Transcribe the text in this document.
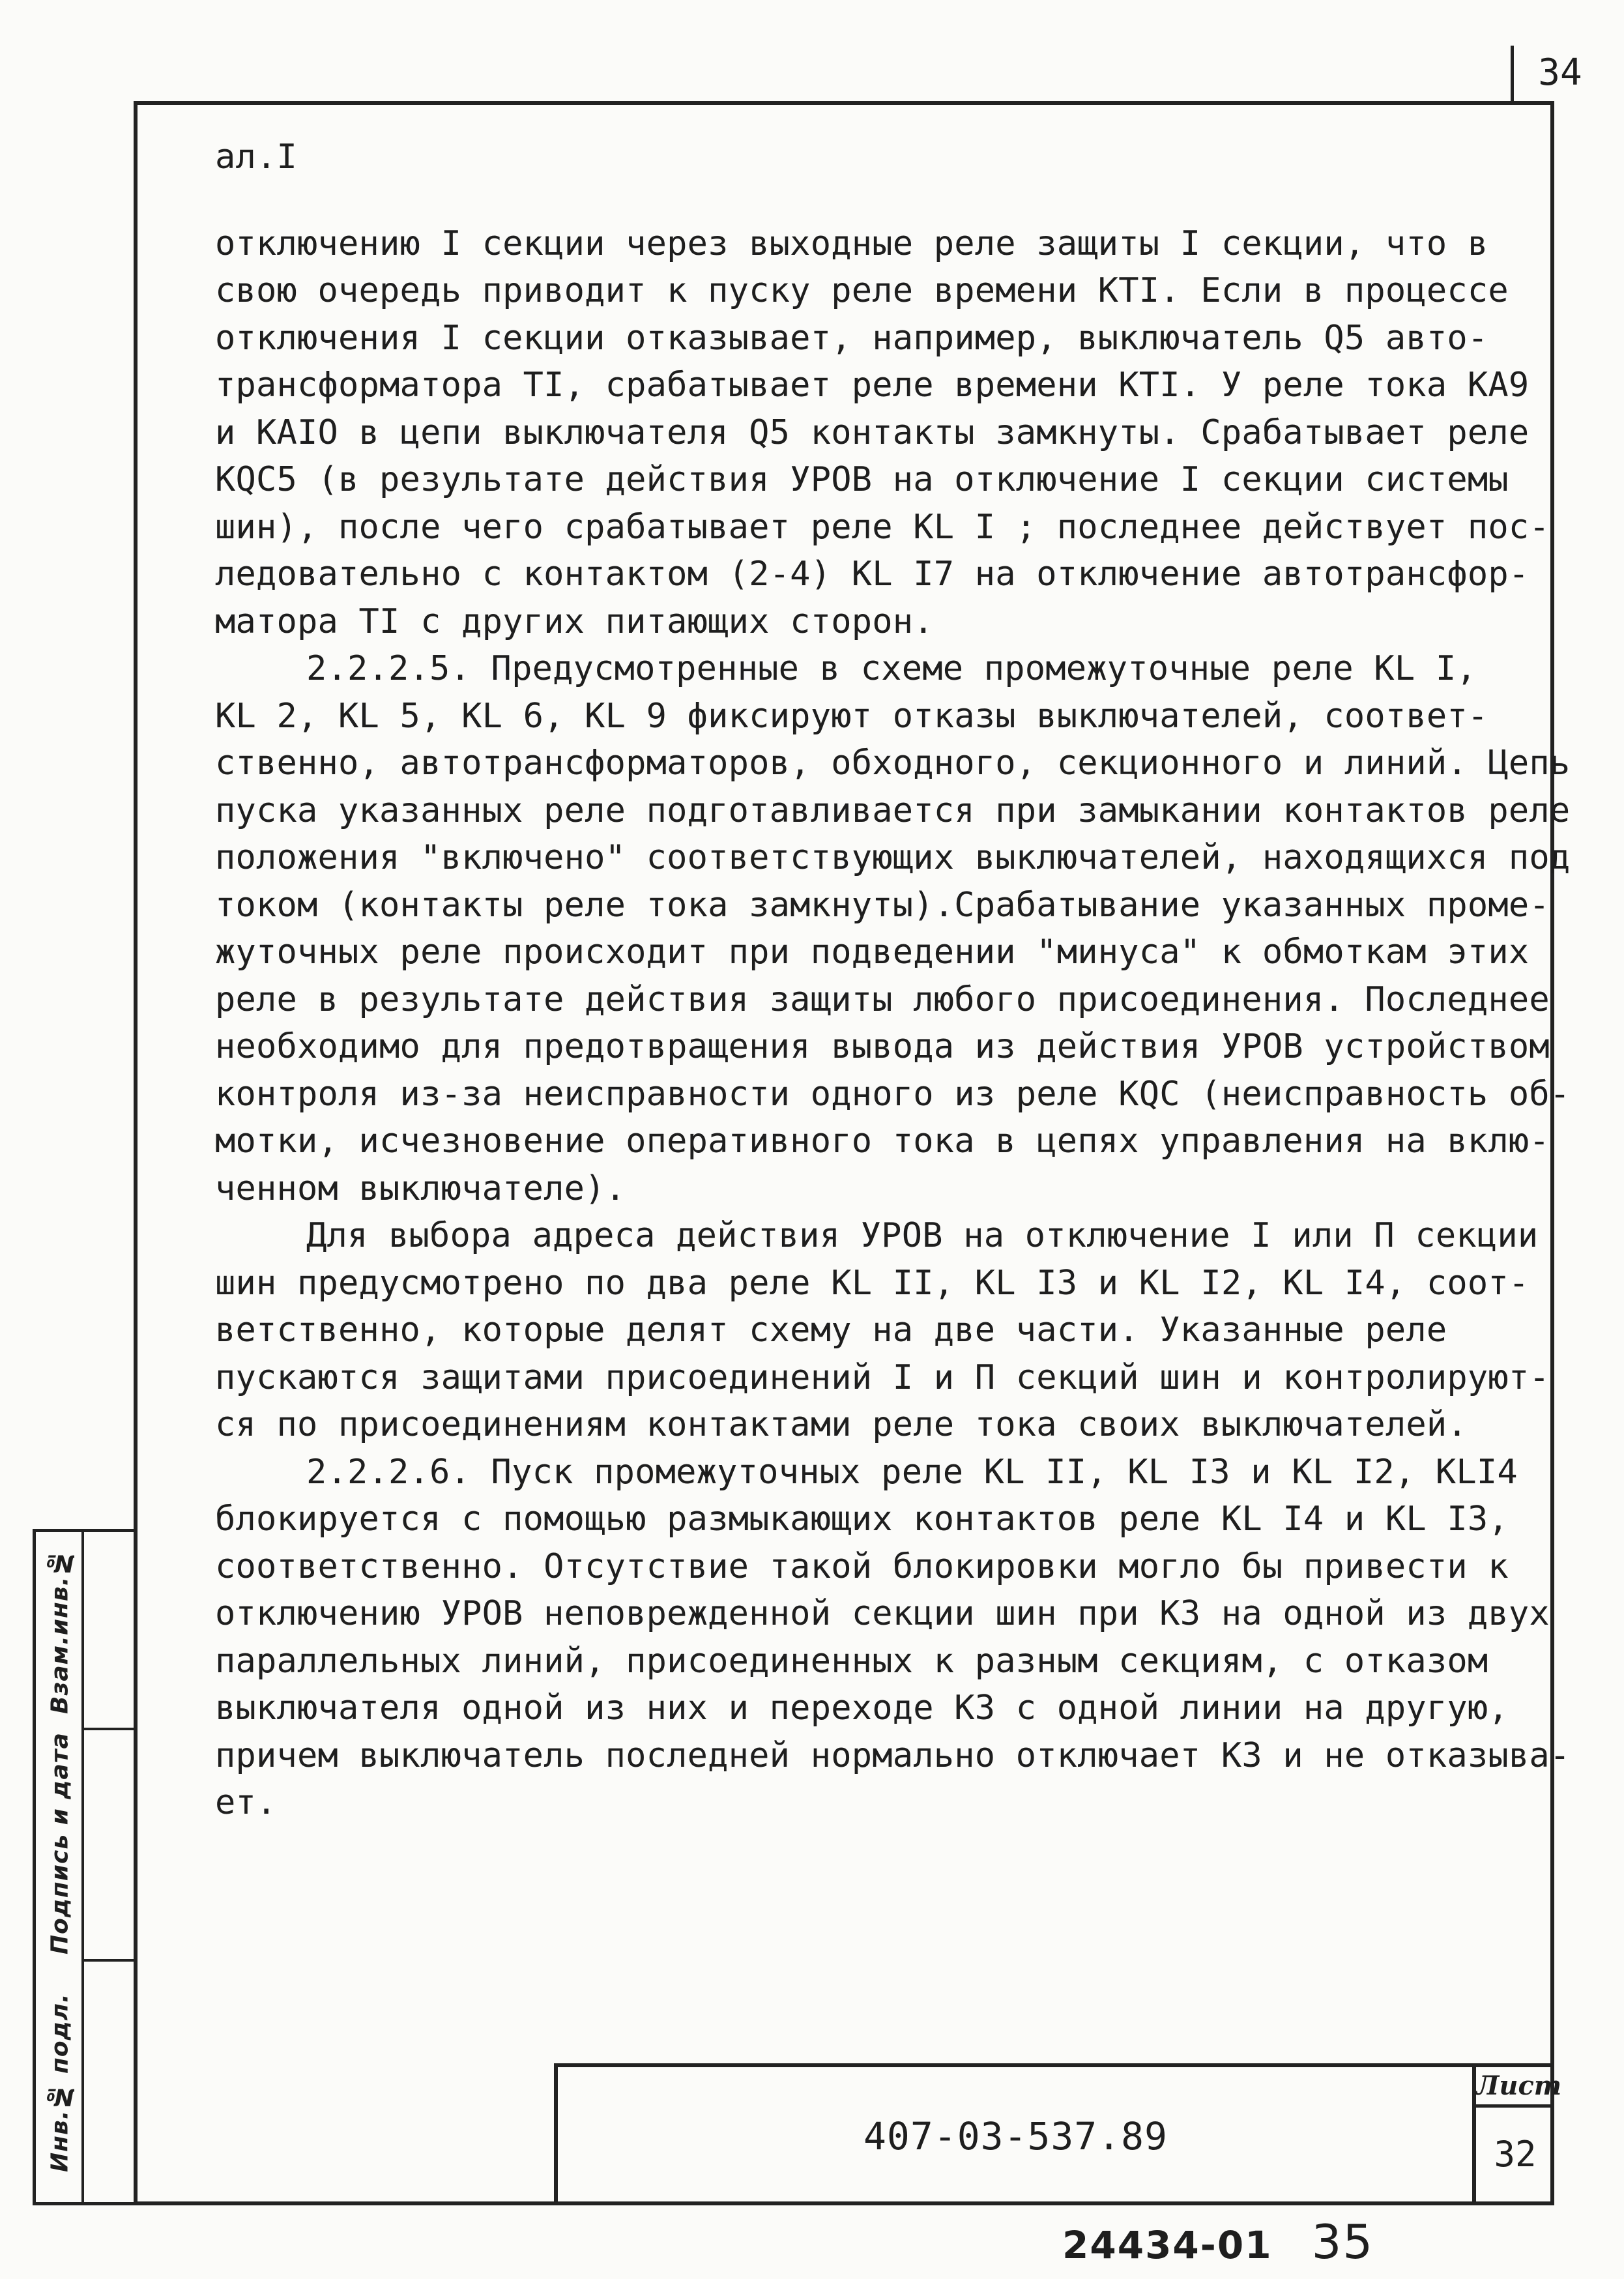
34
ал.I
отключению I секции через выходные реле защиты I секции, что в
свою очередь приводит к пуску реле времени КТI. Если в процессе
отключения I секции отказывает, например, выключатель Q5 авто-
трансформатора ТI, срабатывает реле времени КТI. У реле тока КА9
и КАIО в цепи выключателя Q5 контакты замкнуты. Срабатывает реле
KQC5 (в результате действия УРОВ на отключение I секции системы
шин), после чего срабатывает реле KL I ; последнее действует пос-
ледовательно с контактом (2-4) KL I7 на отключение автотрансфор-
матора ТI с других питающих сторон.
2.2.2.5. Предусмотренные в схеме промежуточные реле KL I,
KL 2, KL 5, KL 6, KL 9 фиксируют отказы выключателей, соответ-
ственно, автотрансформаторов, обходного, секционного и линий. Цепь
пуска указанных реле подготавливается при замыкании контактов реле
положения "включено" соответствующих выключателей, находящихся под
током (контакты реле тока замкнуты).Срабатывание указанных проме-
жуточных реле происходит при подведении "минуса" к обмоткам этих
реле в результате действия защиты любого присоединения. Последнее
необходимо для предотвращения вывода из действия УРОВ устройством
контроля из-за неисправности одного из реле KQC (неисправность об-
мотки, исчезновение оперативного тока в цепях управления на вклю-
ченном выключателе).
Для выбора адреса действия УРОВ на отключение I или П секции
шин предусмотрено по два реле KL II, KL I3 и KL I2, KL I4, соот-
ветственно, которые делят схему на две части. Указанные реле
пускаются защитами присоединений I и П секций шин и контролируют-
ся по присоединениям контактами реле тока своих выключателей.
2.2.2.6. Пуск промежуточных реле KL II, KL I3 и KL I2, KLI4
блокируется с помощью размыкающих контактов реле KL I4 и KL I3,
соответственно. Отсутствие такой блокировки могло бы привести к
отключению УРОВ неповрежденной секции шин при КЗ на одной из двух
параллельных линий, присоединенных к разным секциям, с отказом
выключателя одной из них и переходе КЗ с одной линии на другую,
причем выключатель последней нормально отключает КЗ и не отказыва-
ет.
Инв.№ подл.
Подпись и дата
Взам.инв.№
407-03-537.89
Лист
32
24434-01 35
